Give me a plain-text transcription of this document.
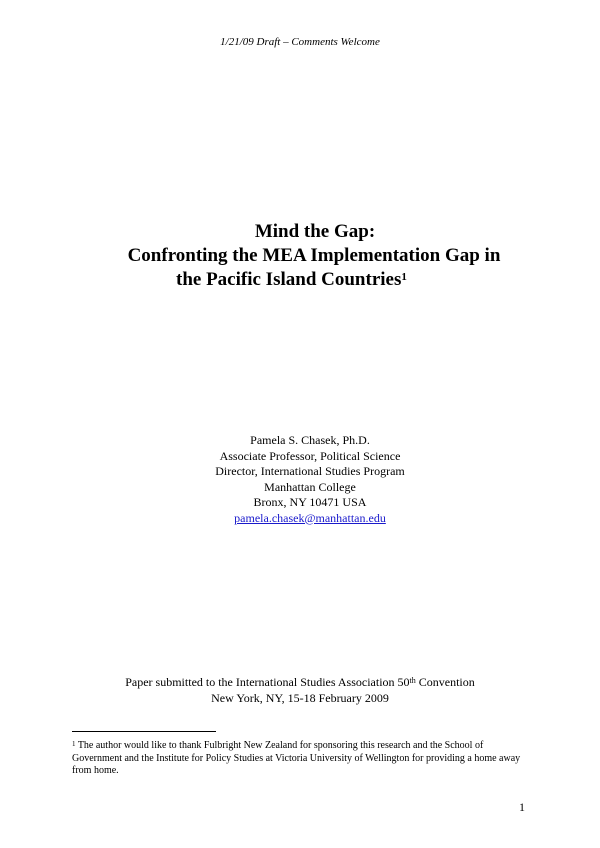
1/21/09 Draft – Comments Welcome
Mind the Gap:
Confronting the MEA Implementation Gap in
the Pacific Island Countries$^1$
Pamela S. Chasek, Ph.D.
Associate Professor, Political Science
Director, International Studies Program
Manhattan College
Bronx, NY 10471 USA
pamela.chasek@manhattan.edu
Paper submitted to the International Studies Association 50th Convention
New York, NY, 15-18 February 2009
$^1$ The author would like to thank Fulbright New Zealand for sponsoring this research and the School of Government and the Institute for Policy Studies at Victoria University of Wellington for providing a home away from home.
1
